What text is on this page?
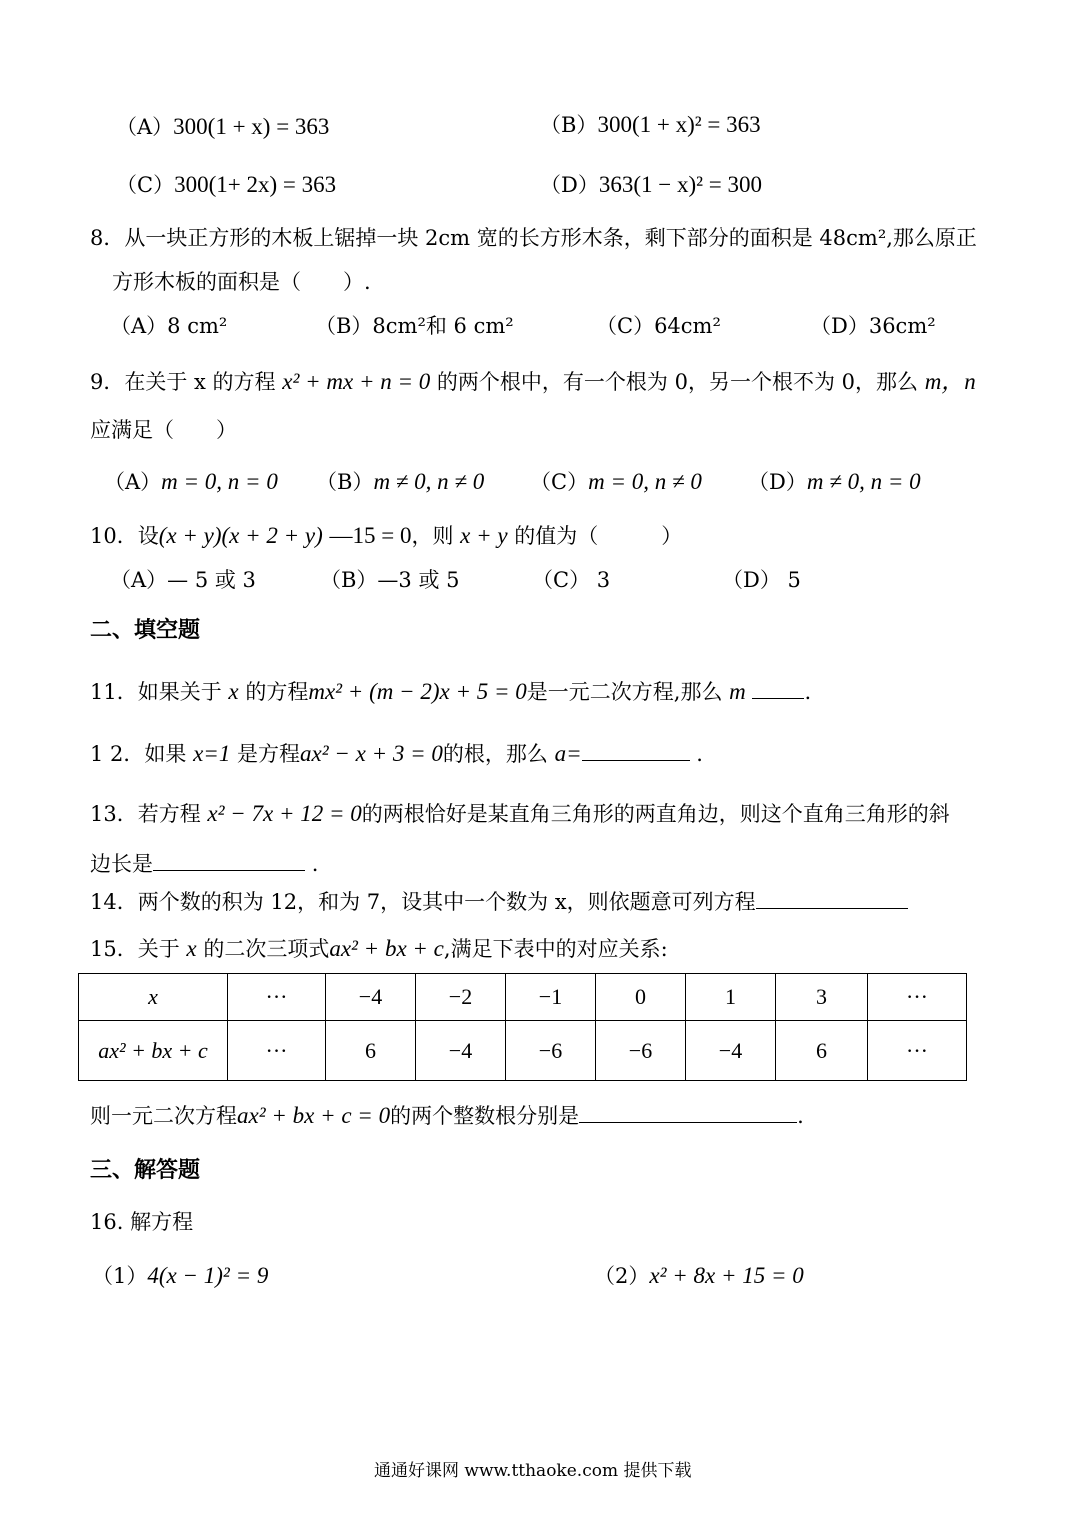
（A）300(1 + x) = 363	（B）300(1 + x)² = 363
（C）300(1+ 2x) = 363	（D）363(1 − x)² = 300
8．从一块正方形的木板上锯掉一块 2cm 宽的长方形木条，剩下部分的面积是 48cm²,那么原正
方形木板的面积是（　　）.
（A）8 cm²	（B）8cm²和 6 cm²	（C）64cm²	（D）36cm²
9．在关于 x 的方程 x² + mx + n = 0 的两个根中，有一个根为 0，另一个根不为 0，那么 m，n
应满足（　　）
（A）m = 0, n = 0 （B）m ≠ 0, n ≠ 0 （C）m = 0, n ≠ 0 （D）m ≠ 0, n = 0
10．设(x + y)(x + 2 + y) —15 = 0，则 x + y 的值为（　　　）
（A）— 5 或 3	（B）—3 或 5	（C） 3	（D） 5
二、填空题
11．如果关于 x 的方程mx² + (m − 2)x + 5 = 0是一元二次方程,那么 m	.
1 2．如果 x=1 是方程ax² − x + 3 = 0的根，那么 a=	.
13．若方程 x² − 7x + 12 = 0的两根恰好是某直角三角形的两直角边，则这个直角三角形的斜
边长是	.
14．两个数的积为 12，和为 7，设其中一个数为 x，则依题意可列方程
15．关于 x 的二次三项式ax² + bx + c,满足下表中的对应关系:
x	···	−4	−2	−1	0	1	3	···
ax² + bx + c	···	6	−4	−6	−6	−4	6	···
则一元二次方程ax² + bx + c = 0的两个整数根分别是	.
三、解答题
16. 解方程
（1）4(x − 1)² = 9	（2）x² + 8x + 15 = 0
通通好课网 www.tthaoke.com 提供下载
